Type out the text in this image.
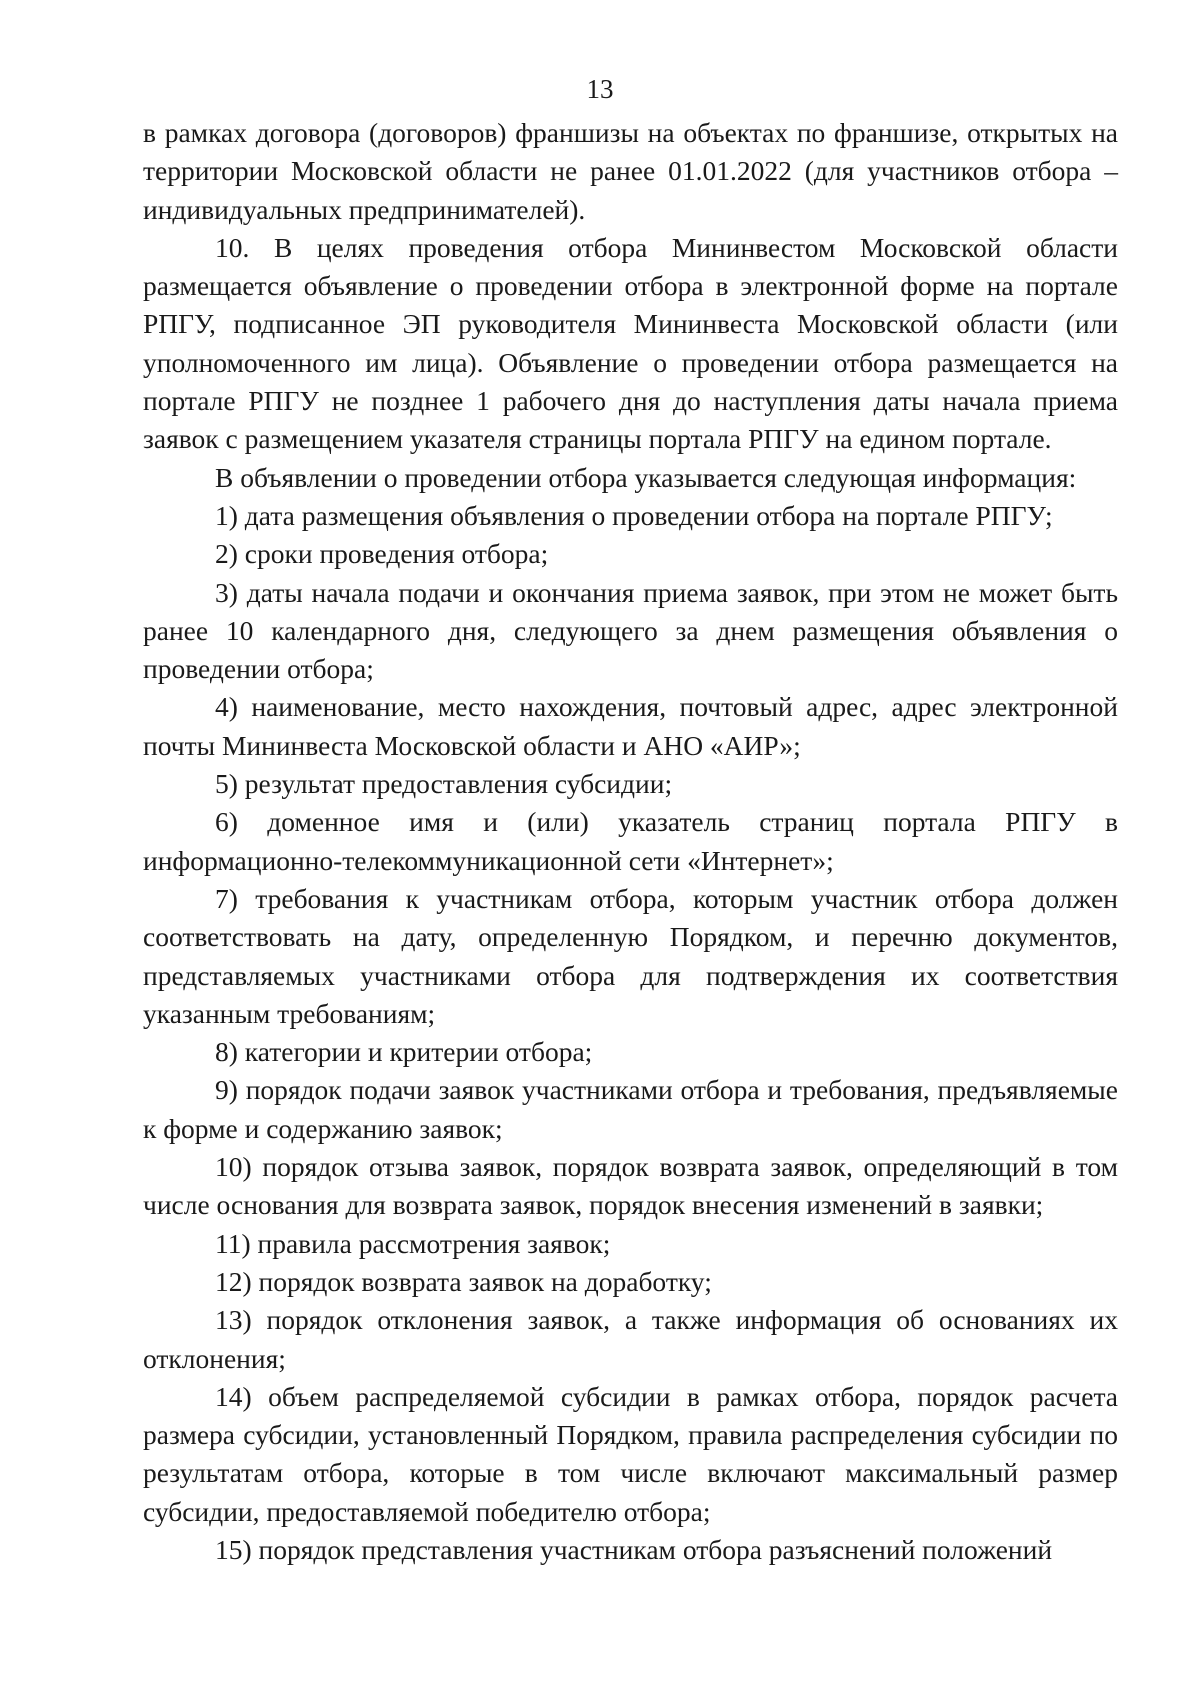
13

в рамках договора (договоров) франшизы на объектах по франшизе, открытых на территории Московской области не ранее 01.01.2022 (для участников отбора – индивидуальных предпринимателей).

10. В целях проведения отбора Мининвестом Московской области размещается объявление о проведении отбора в электронной форме на портале РПГУ, подписанное ЭП руководителя Мининвеста Московской области (или уполномоченного им лица). Объявление о проведении отбора размещается на портале РПГУ не позднее 1 рабочего дня до наступления даты начала приема заявок с размещением указателя страницы портала РПГУ на едином портале.

В объявлении о проведении отбора указывается следующая информация:

1) дата размещения объявления о проведении отбора на портале РПГУ;

2) сроки проведения отбора;

3) даты начала подачи и окончания приема заявок, при этом не может быть ранее 10 календарного дня, следующего за днем размещения объявления о проведении отбора;

4) наименование, место нахождения, почтовый адрес, адрес электронной почты Мининвеста Московской области и АНО «АИР»;

5) результат предоставления субсидии;

6) доменное имя и (или) указатель страниц портала РПГУ в информационно-телекоммуникационной сети «Интернет»;

7) требования к участникам отбора, которым участник отбора должен соответствовать на дату, определенную Порядком, и перечню документов, представляемых участниками отбора для подтверждения их соответствия указанным требованиям;

8) категории и критерии отбора;

9) порядок подачи заявок участниками отбора и требования, предъявляемые к форме и содержанию заявок;

10) порядок отзыва заявок, порядок возврата заявок, определяющий в том числе основания для возврата заявок, порядок внесения изменений в заявки;

11) правила рассмотрения заявок;

12) порядок возврата заявок на доработку;

13) порядок отклонения заявок, а также информация об основаниях их отклонения;

14) объем распределяемой субсидии в рамках отбора, порядок расчета размера субсидии, установленный Порядком, правила распределения субсидии по результатам отбора, которые в том числе включают максимальный размер субсидии, предоставляемой победителю отбора;

15) порядок представления участникам отбора разъяснений положений
